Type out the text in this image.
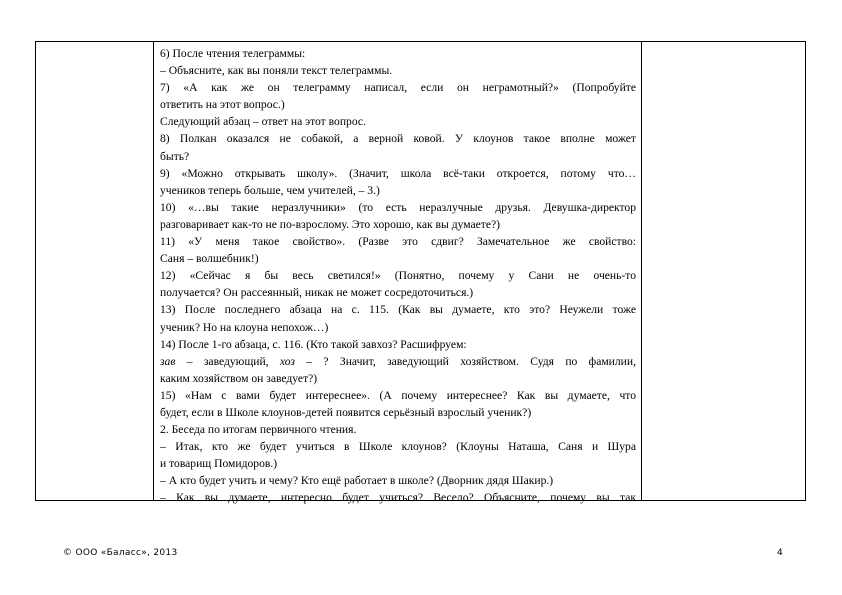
6) После чтения телеграммы:
– Объясните, как вы поняли текст телеграммы.
7) «А как же он телеграмму написал, если он неграмотный?» (Попробуйте
ответить на этот вопрос.)
Следующий абзац – ответ на этот вопрос.
8) Полкан оказался не собакой, а верной ковой. У клоунов такое вполне может
быть?
9) «Можно открывать школу». (Значит, школа всё-таки откроется, потому что…
учеников теперь больше, чем учителей, – 3.)
10) «…вы такие неразлучники» (то есть неразлучные друзья. Девушка-директор
разговаривает как-то не по-взрослому. Это хорошо, как вы думаете?)
11) «У меня такое свойство». (Разве это сдвиг? Замечательное же свойство:
Саня – волшебник!)
12) «Сейчас я бы весь светился!» (Понятно, почему у Сани не очень-то
получается? Он рассеянный, никак не может сосредоточиться.)
13) После последнего абзаца на с. 115. (Как вы думаете, кто это? Неужели тоже
ученик? Но на клоуна непохож…)
14) После 1-го абзаца, с. 116. (Кто такой завхоз? Расшифруем:
зав – заведующий, хоз – ? Значит, заведующий хозяйством. Судя по фамилии,
каким хозяйством он заведует?)
15) «Нам с вами будет интереснее». (А почему интереснее? Как вы думаете, что
будет, если в Школе клоунов-детей появится серьёзный взрослый ученик?)
2. Беседа по итогам первичного чтения.
– Итак, кто же будет учиться в Школе клоунов? (Клоуны Наташа, Саня и Шура
и товарищ Помидоров.)
– А кто будет учить и чему? Кто ещё работает в школе? (Дворник дядя Шакир.)
– Как вы думаете, интересно будет учиться? Весело? Объясните, почему вы так
© ООО «Баласс», 2013	4
